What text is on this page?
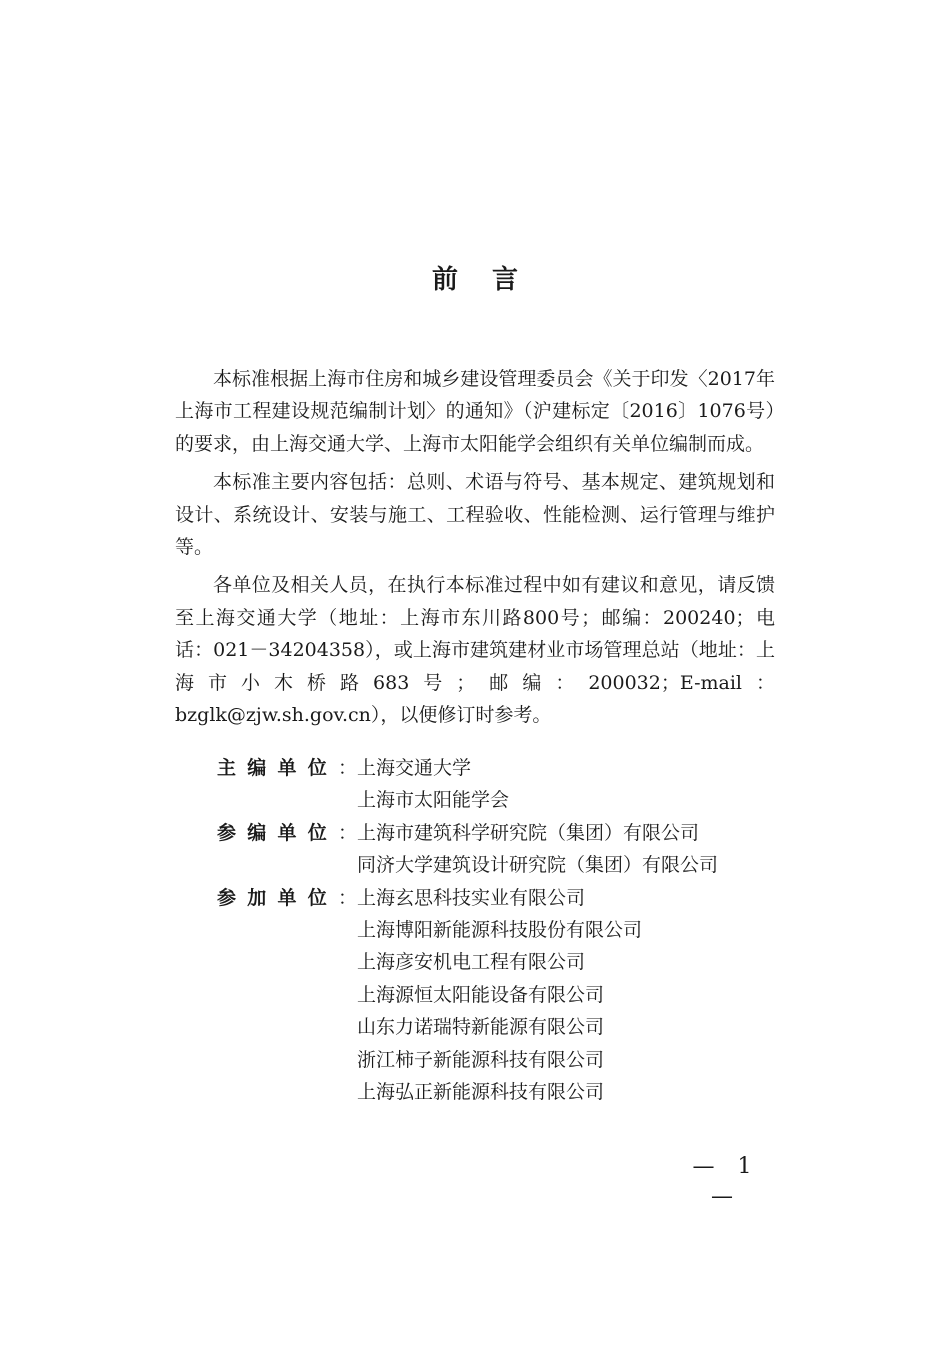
前言

本标准根据上海市住房和城乡建设管理委员会《关于印发〈2017年上海市工程建设规范编制计划〉的通知》（沪建标定〔2016〕1076号）的要求，由上海交通大学、上海市太阳能学会组织有关单位编制而成。

本标准主要内容包括：总则、术语与符号、基本规定、建筑规划和设计、系统设计、安装与施工、工程验收、性能检测、运行管理与维护等。

各单位及相关人员，在执行本标准过程中如有建议和意见，请反馈至上海交通大学（地址：上海市东川路800号；邮编：200240；电话：021－34204358），或上海市建筑建材业市场管理总站（地址：上海市小木桥路683号；邮编：200032；E-mail：bzglk@zjw.sh.gov.cn），以便修订时参考。

主 编 单 位 ： 上海交通大学
上海市太阳能学会
参 编 单 位 ： 上海市建筑科学研究院（集团）有限公司
同济大学建筑设计研究院（集团）有限公司
参 加 单 位 ： 上海玄思科技实业有限公司
上海博阳新能源科技股份有限公司
上海彦安机电工程有限公司
上海源恒太阳能设备有限公司
山东力诺瑞特新能源有限公司
浙江柿子新能源科技有限公司
上海弘正新能源科技有限公司
— 1 —
